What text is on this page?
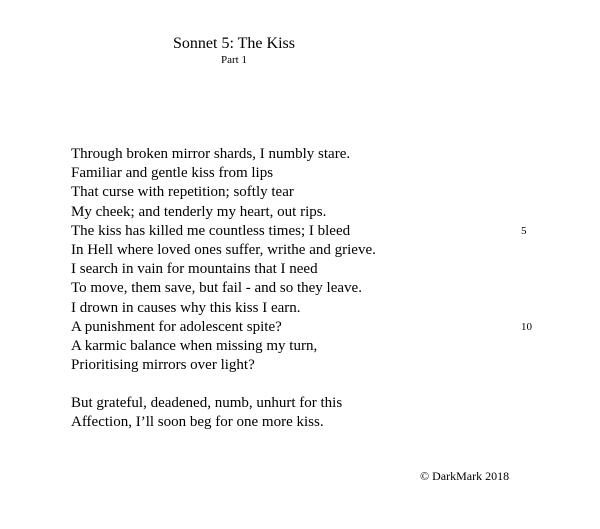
Sonnet 5: The Kiss
Part 1
Through broken mirror shards, I numbly stare.
Familiar and gentle kiss from lips
That curse with repetition; softly tear
My cheek; and tenderly my heart, out rips.
The kiss has killed me countless times; I bleed	5
In Hell where loved ones suffer, writhe and grieve.
I search in vain for mountains that I need
To move, them save, but fail - and so they leave.
I drown in causes why this kiss I earn.
A punishment for adolescent spite?	10
A karmic balance when missing my turn,
Prioritising mirrors over light?
But grateful, deadened, numb, unhurt for this
Affection, I’ll soon beg for one more kiss.
© DarkMark 2018
